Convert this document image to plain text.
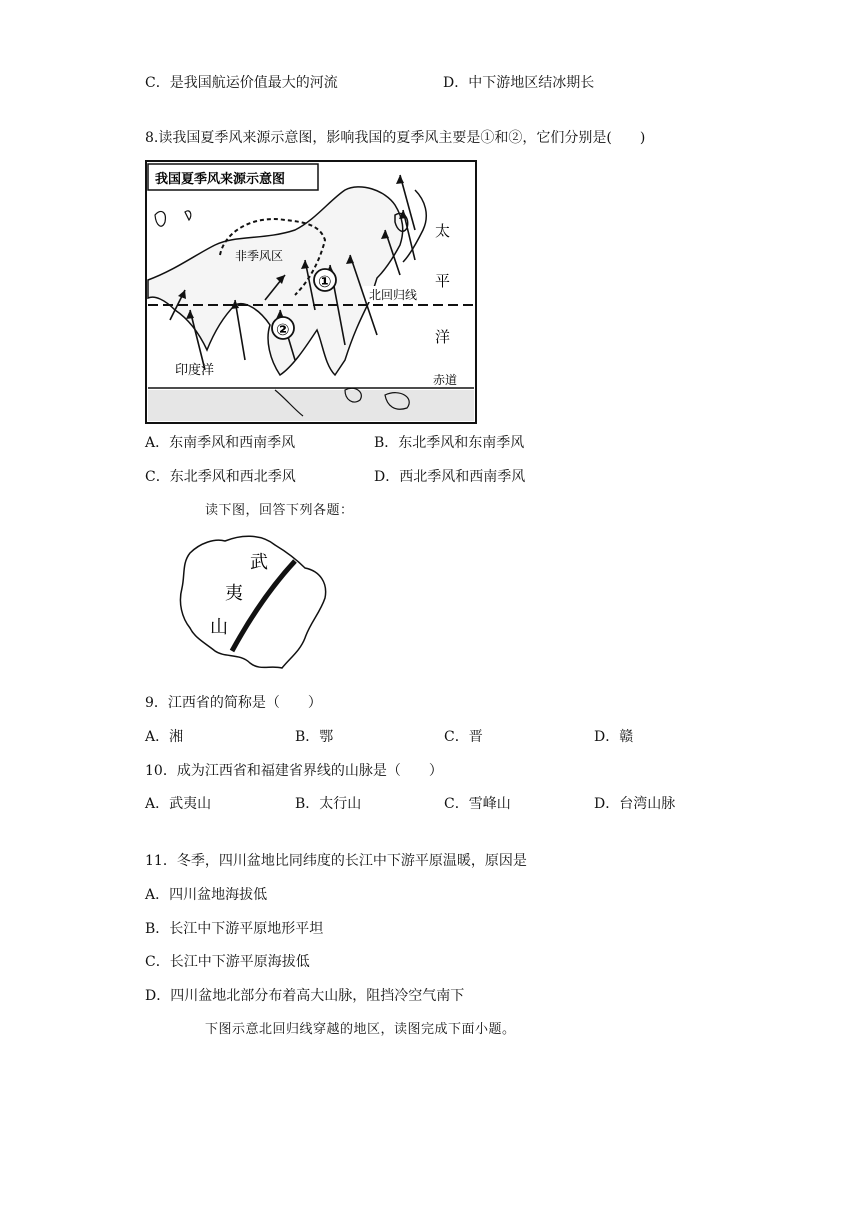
C．是我国航运价值最大的河流	D．中下游地区结冰期长
8.读我国夏季风来源示意图，影响我国的夏季风主要是①和②，它们分别是(　　)
我国夏季风来源示意图
非季风区
北回归线
赤道
印度洋
太
平
洋
①
②
A．东南季风和西南季风	B．东北季风和东南季风
C．东北季风和西北季风	D．西北季风和西南季风
读下图，回答下列各题：
武
夷
山
9．江西省的简称是（　　）
A．湘	B．鄂	C．晋	D．赣
10．成为江西省和福建省界线的山脉是（　　）
A．武夷山	B．太行山	C．雪峰山	D．台湾山脉
11．冬季，四川盆地比同纬度的长江中下游平原温暖，原因是
A．四川盆地海拔低
B．长江中下游平原地形平坦
C．长江中下游平原海拔低
D．四川盆地北部分布着高大山脉，阻挡冷空气南下
下图示意北回归线穿越的地区，读图完成下面小题。
